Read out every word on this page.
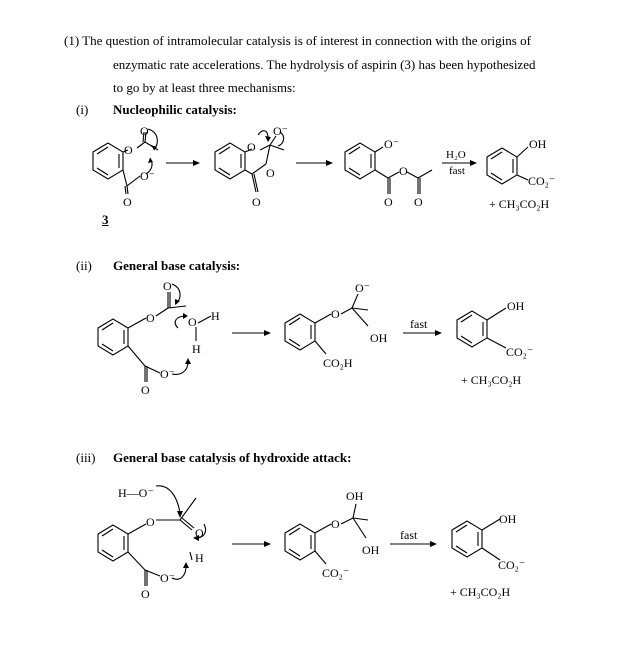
(1) The question of intramolecular catalysis is of interest in connection with the origins of
enzymatic rate accelerations. The hydrolysis of aspirin (3) has been hypothesized
to go by at least three mechanisms:
(i) Nucleophilic catalysis:
O
O
O⁻
O
O
O⁻
O
O
O⁻
O
O O
H₂O
fast
OH
CO₂⁻
+ CH₃CO₂H
3
(ii) General base catalysis:
O
O
O H
H
O⁻
O
O
O⁻
OH
CO₂H
fast
OH
CO₂⁻
+ CH₃CO₂H
(iii) General base catalysis of hydroxide attack:
H—O⁻
O
O
H
O⁻
O
OH
O
OH
CO₂⁻
fast
OH
CO₂⁻
+ CH₃CO₂H
